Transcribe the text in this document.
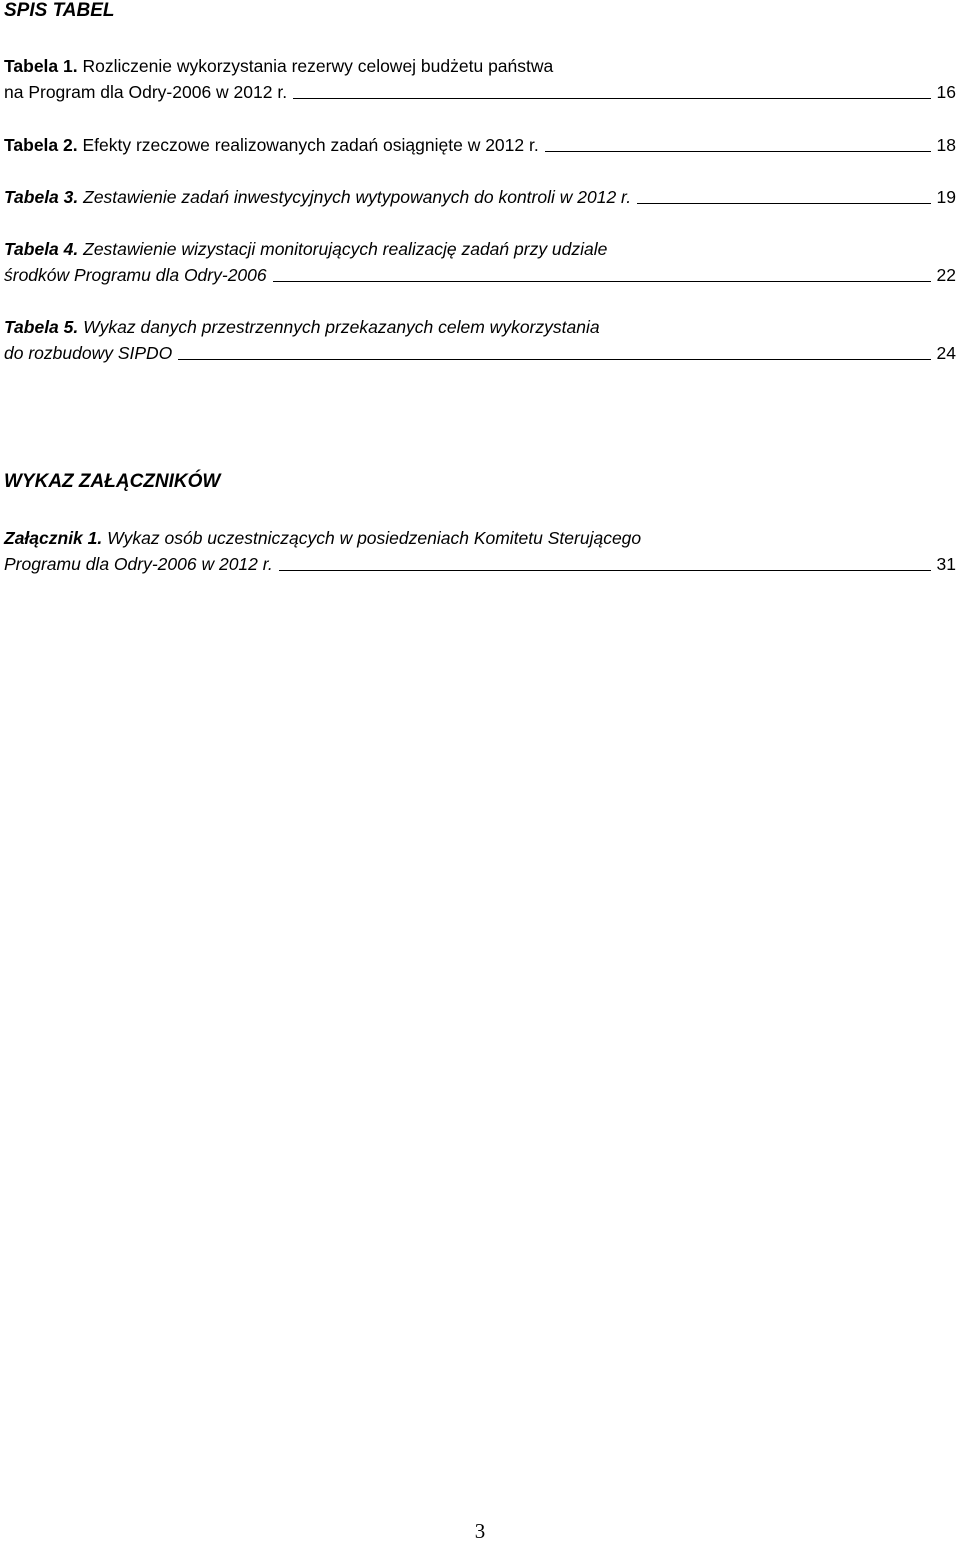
SPIS TABEL
Tabela 1. Rozliczenie wykorzystania rezerwy celowej budżetu państwa
na Program dla Odry-2006 w 2012 r.	16
Tabela 2.
Efekty rzeczowe realizowanych zadań osiągnięte w 2012 r.	18
Tabela 3.
Zestawienie zadań inwestycyjnych wytypowanych do kontroli w 2012 r.	19
Tabela 4. Zestawienie wizystacji monitorujących realizację zadań przy udziale
środków Programu dla Odry-2006	22
Tabela 5. Wykaz danych przestrzennych przekazanych celem wykorzystania
do rozbudowy SIPDO	24
WYKAZ ZAŁĄCZNIKÓW
Załącznik 1. Wykaz osób uczestniczących w posiedzeniach Komitetu Sterującego
Programu dla Odry-2006 w 2012 r.	31
3
